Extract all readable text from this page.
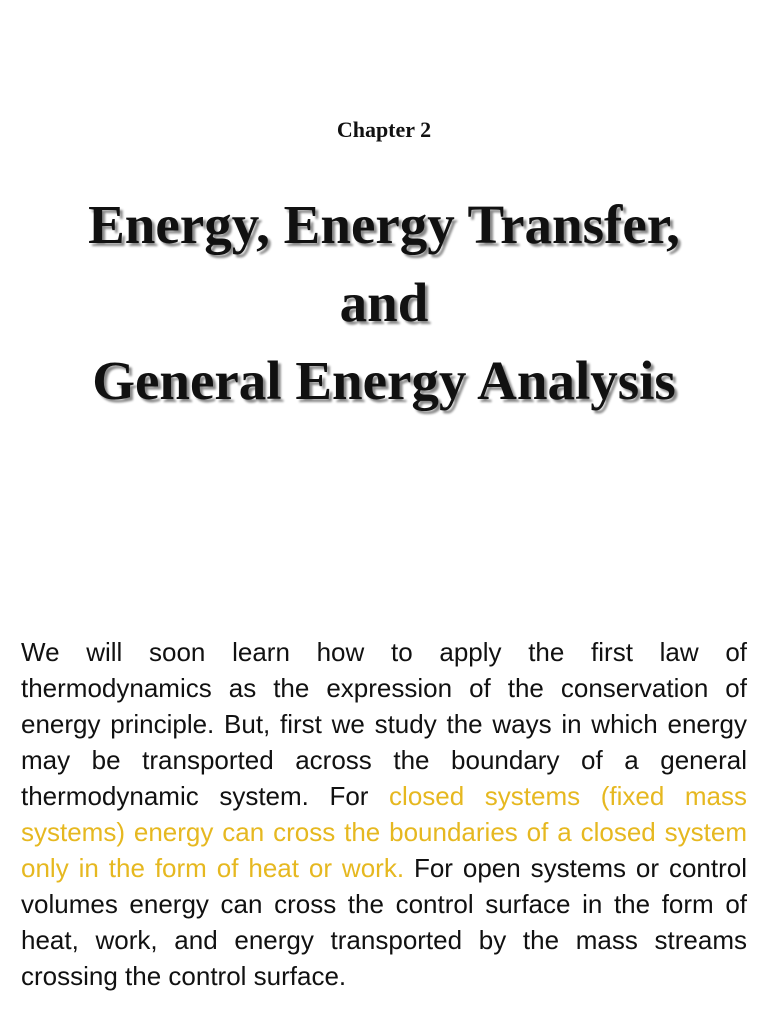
Chapter 2
Energy, Energy Transfer,
and
General Energy Analysis
We will soon learn how to apply the first law of thermodynamics as the expression of the conservation of energy principle. But, first we study the ways in which energy may be transported across the boundary of a general thermodynamic system. For closed systems (fixed mass systems) energy can cross the boundaries of a closed system only in the form of heat or work. For open systems or control volumes energy can cross the control surface in the form of heat, work, and energy transported by the mass streams crossing the control surface.
